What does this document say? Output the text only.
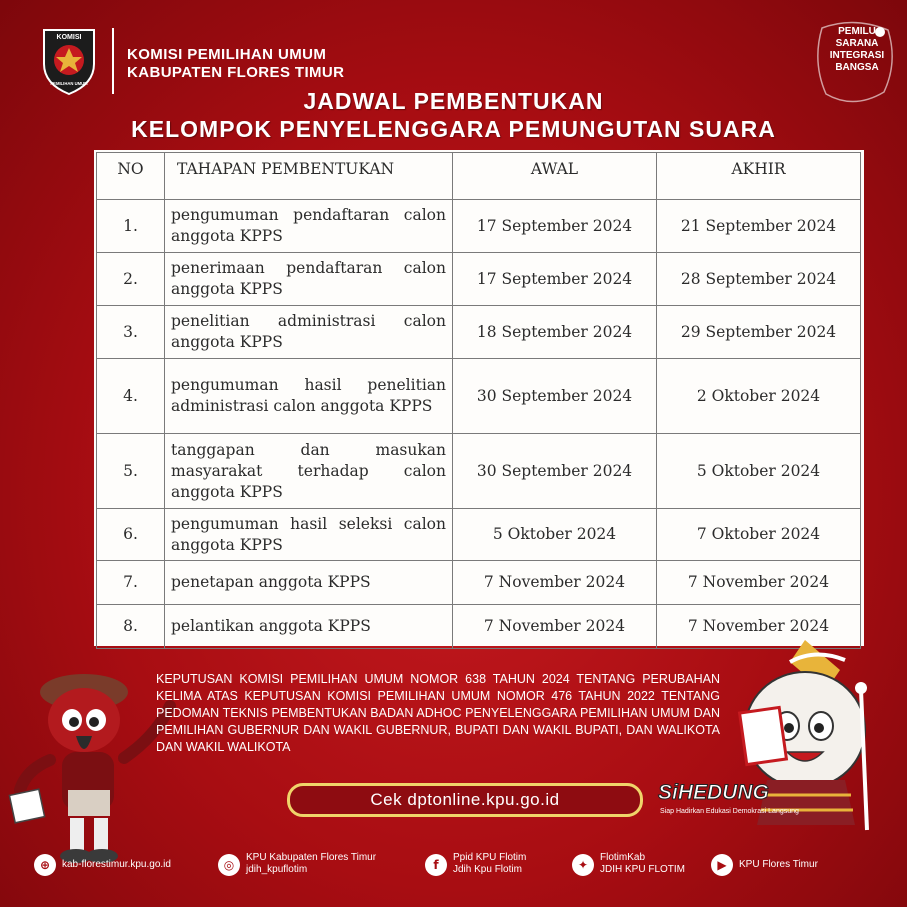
KOMISI
PEMILIHAN UMUM
KOMISI PEMILIHAN UMUM
KABUPATEN FLORES TIMUR
PEMILU
SARANA
INTEGRASI
BANGSA
JADWAL PEMBENTUKAN
KELOMPOK PENYELENGGARA PEMUNGUTAN SUARA
NO	TAHAPAN PEMBENTUKAN	AWAL	AKHIR
1.	pengumuman pendaftaran calon anggota KPPS	17 September 2024	21 September 2024
2.	penerimaan pendaftaran calon anggota KPPS	17 September 2024	28 September 2024
3.	penelitian administrasi calon anggota KPPS	18 September 2024	29 September 2024
4.	pengumuman hasil penelitian administrasi calon anggota KPPS	30 September 2024	2 Oktober 2024
5.	tanggapan dan masukan masyarakat terhadap calon anggota KPPS	30 September 2024	5 Oktober 2024
6.	pengumuman hasil seleksi calon anggota KPPS	5 Oktober 2024	7 Oktober 2024
7.	penetapan anggota KPPS	7 November 2024	7 November 2024
8.	pelantikan anggota KPPS	7 November 2024	7 November 2024
KEPUTUSAN KOMISI PEMILIHAN UMUM NOMOR 638 TAHUN 2024 TENTANG PERUBAHAN KELIMA ATAS KEPUTUSAN KOMISI PEMILIHAN UMUM NOMOR 476 TAHUN 2022 TENTANG PEDOMAN TEKNIS PEMBENTUKAN BADAN ADHOC PENYELENGGARA PEMILIHAN UMUM DAN PEMILIHAN GUBERNUR DAN WAKIL GUBERNUR, BUPATI DAN WAKIL BUPATI, DAN WALIKOTA DAN WAKIL WALIKOTA
Cek dptonline.kpu.go.id	SiHEDUNG
Siap Hadirkan Edukasi Demokrasi Langsung
⊕	kab-florestimur.kpu.go.id	◎
KPU Kabupaten Flores Timur
jdih_kpuflotim	f
Ppid KPU Flotim
Jdih Kpu Flotim	✦
FlotimKab
JDIH KPU FLOTIM	▶	KPU Flores Timur
